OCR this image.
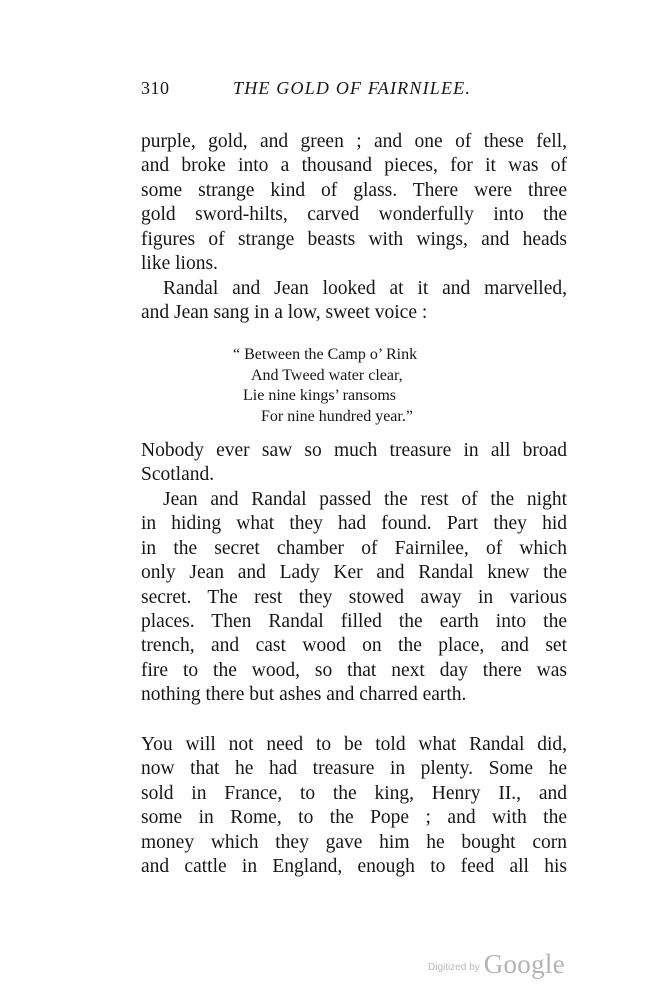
310	THE GOLD OF FAIRNILEE.
purple, gold, and green ; and one of these fell,
and broke into a thousand pieces, for it was of
some strange kind of glass. There were three
gold sword-hilts, carved wonderfully into the
figures of strange beasts with wings, and heads
like lions.
Randal and Jean looked at it and marvelled,
and Jean sang in a low, sweet voice :
“ Between the Camp o’ Rink
And Tweed water clear,
Lie nine kings’ ransoms
For nine hundred year.”
Nobody ever saw so much treasure in all broad
Scotland.
Jean and Randal passed the rest of the night
in hiding what they had found. Part they hid
in the secret chamber of Fairnilee, of which
only Jean and Lady Ker and Randal knew the
secret. The rest they stowed away in various
places. Then Randal filled the earth into the
trench, and cast wood on the place, and set
fire to the wood, so that next day there was
nothing there but ashes and charred earth.
You will not need to be told what Randal did,
now that he had treasure in plenty. Some he
sold in France, to the king, Henry II., and
some in Rome, to the Pope ; and with the
money which they gave him he bought corn
and cattle in England, enough to feed all his
Digitized by Google
